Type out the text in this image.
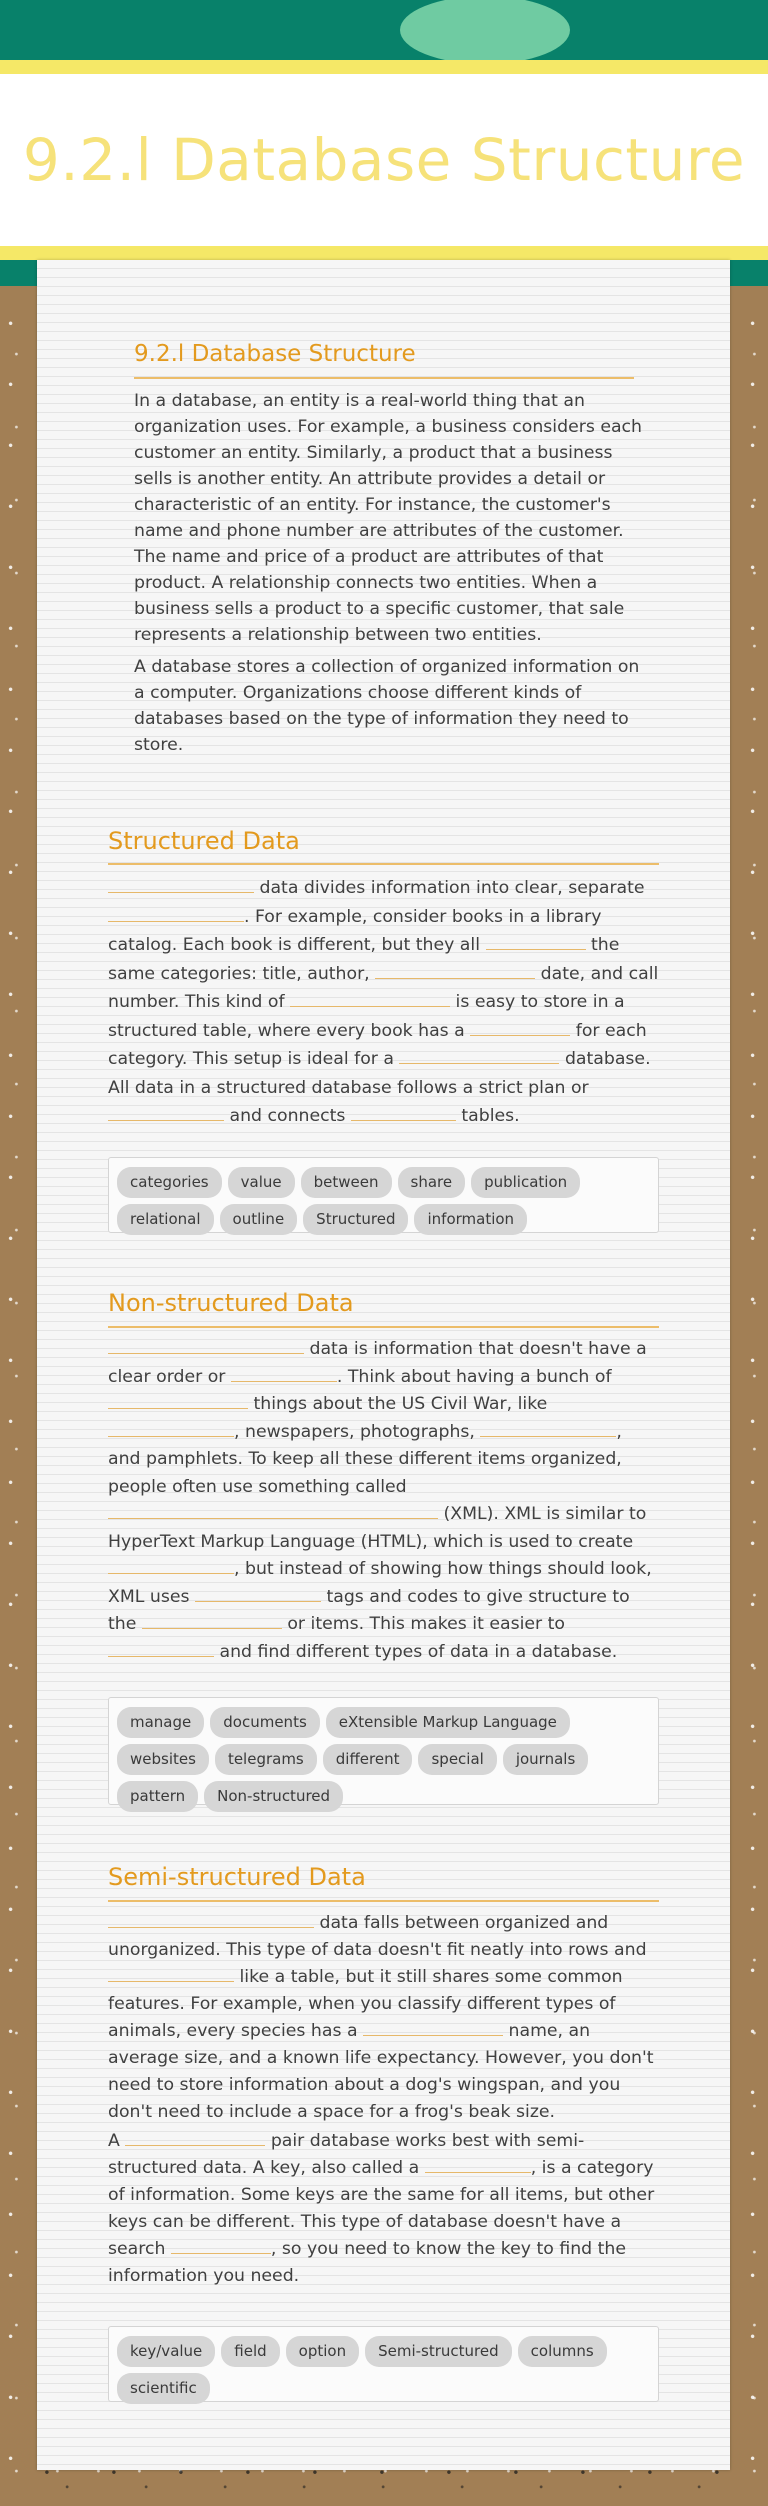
9.2.l Database Structure
9.2.l Database Structure
In a database, an entity is a real-world thing that an organization uses. For example, a business considers each customer an entity. Similarly, a product that a business sells is another entity. An attribute provides a detail or characteristic of an entity. For instance, the customer's name and phone number are attributes of the customer. The name and price of a product are attributes of that product. A relationship connects two entities. When a business sells a product to a specific customer, that sale represents a relationship between two entities.
A database stores a collection of organized information on a computer. Organizations choose different kinds of databases based on the type of information they need to store.
Structured Data
data divides information into clear, separate . For example, consider books in a library catalog. Each book is different, but they all	the same categories: title, author,	date, and call number. This kind of	is easy to store in a structured table, where every book has a	for each category. This setup is ideal for a	database. All data in a structured database follows a strict plan or  and connects	tables.
categories value between share publicationrelational outline Structured information
Non-structured Data
data is information that doesn't have a clear order or	. Think about having a bunch of  things about the US Civil War, like , newspapers, photographs,	, and pamphlets. To keep all these different items organized, people often use something called  (XML). XML is similar to HyperText Markup Language (HTML), which is used to create , but instead of showing how things should look, XML uses	tags and codes to give structure to the	or items. This makes it easier to  and find different types of data in a database.
manage documents eXtensible Markup Languagewebsites telegrams different special journalspattern Non-structured
Semi-structured Data
data falls between organized and unorganized. This type of data doesn't fit neatly into rows and  like a table, but it still shares some common features. For example, when you classify different types of animals, every species has a	name, an average size, and a known life expectancy. However, you don't need to store information about a dog's wingspan, and you don't need to include a space for a frog's beak size.
A	pair database works best with semi-structured data. A key, also called a	, is a category of information. Some keys are the same for all items, but other keys can be different. This type of database doesn't have a search	, so you need to know the key to find the information you need.
key/value field option Semi-structured columnsscientific
